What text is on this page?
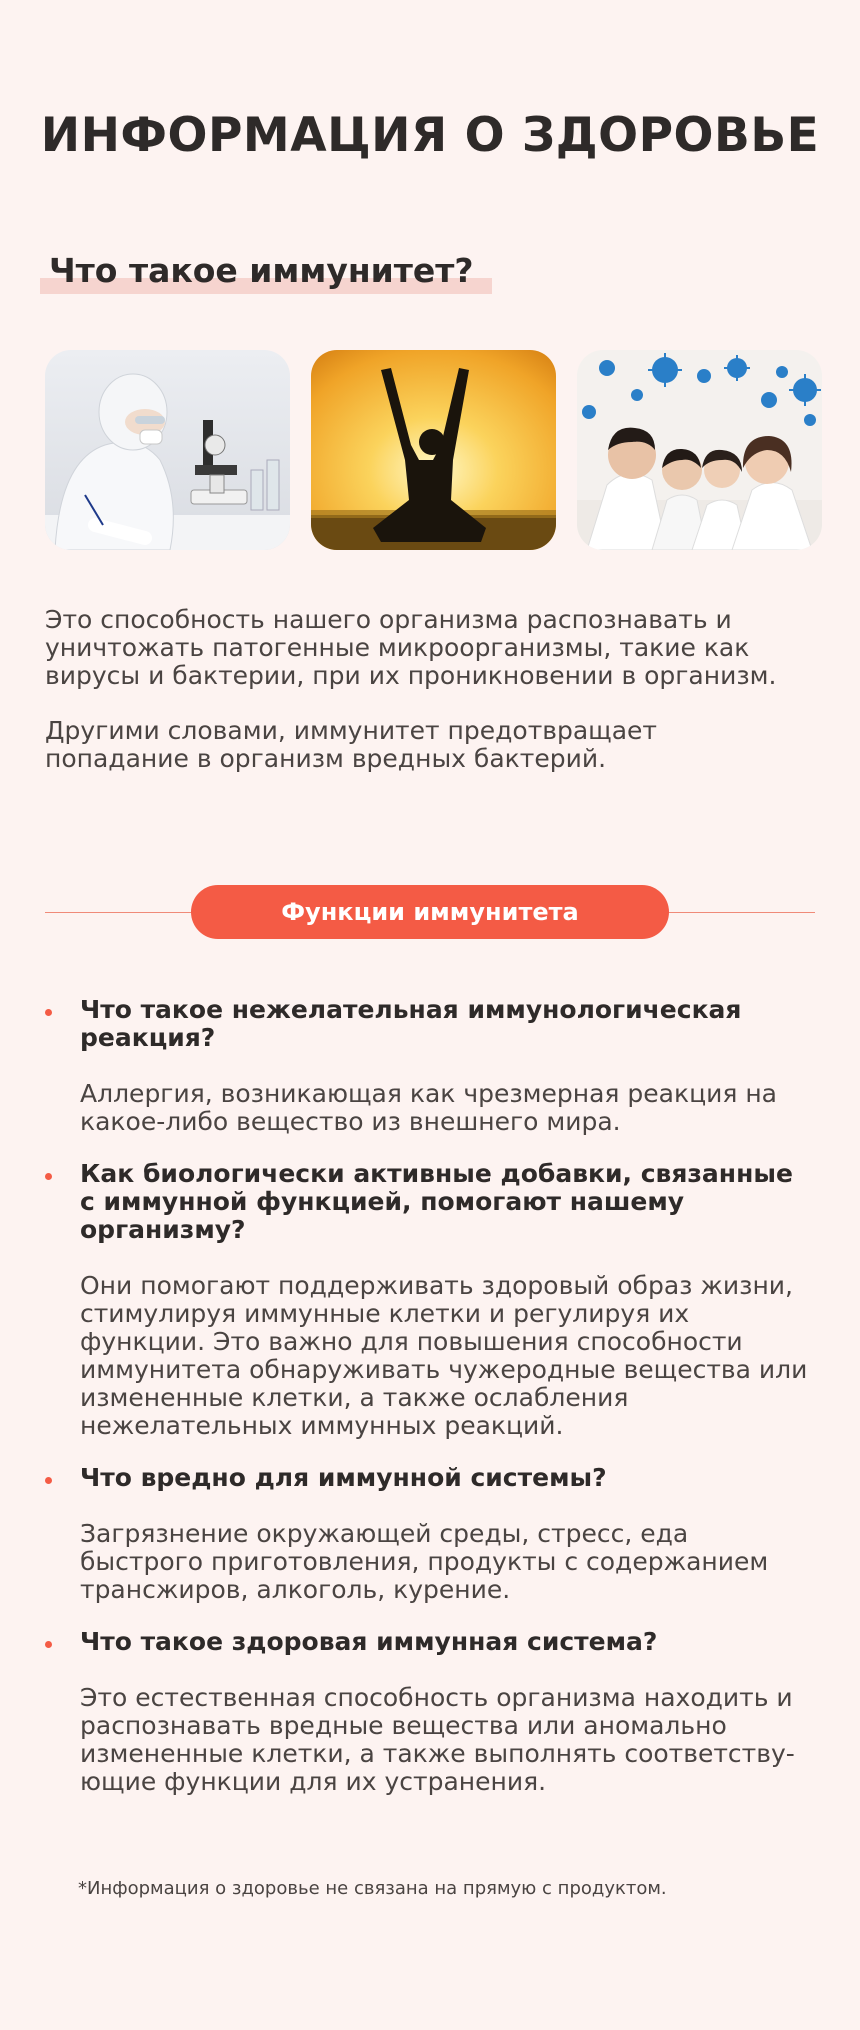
ИНФОРМАЦИЯ О ЗДОРОВЬЕ
Что такое иммунитет?

Это способность нашего организма распознавать и уничтожать патогенные микроорганизмы, такие как вирусы и бактерии, при их проникновении в организм.

Другими словами, иммунитет предотвращает попадание в организм вредных бактерий.

Функции иммунитета

Что такое нежелательная иммунологическая реакция?

Аллергия, возникающая как чрезмерная реакция на какое-либо вещество из внешнего мира.

Как биологически активные добавки, связанные с иммунной функцией, помогают нашему организму?

Они помогают поддерживать здоровый образ жизни, стимулируя иммунные клетки и регулируя их функции. Это важно для повышения способности иммунитета обнаруживать чужеродные вещества или измененные клетки, а также ослабления нежелательных иммунных реакций.

Что вредно для иммунной системы?

Загрязнение окружающей среды, стресс, еда быстрого приготовления, продукты с содержанием трансжиров, алкоголь, курение.

Что такое здоровая иммунная система?

Это естественная способность организма находить и распознавать вредные вещества или аномально измененные клетки, а также выполнять соответству-ющие функции для их устранения.

*Информация о здоровье не связана на прямую с продуктом.
